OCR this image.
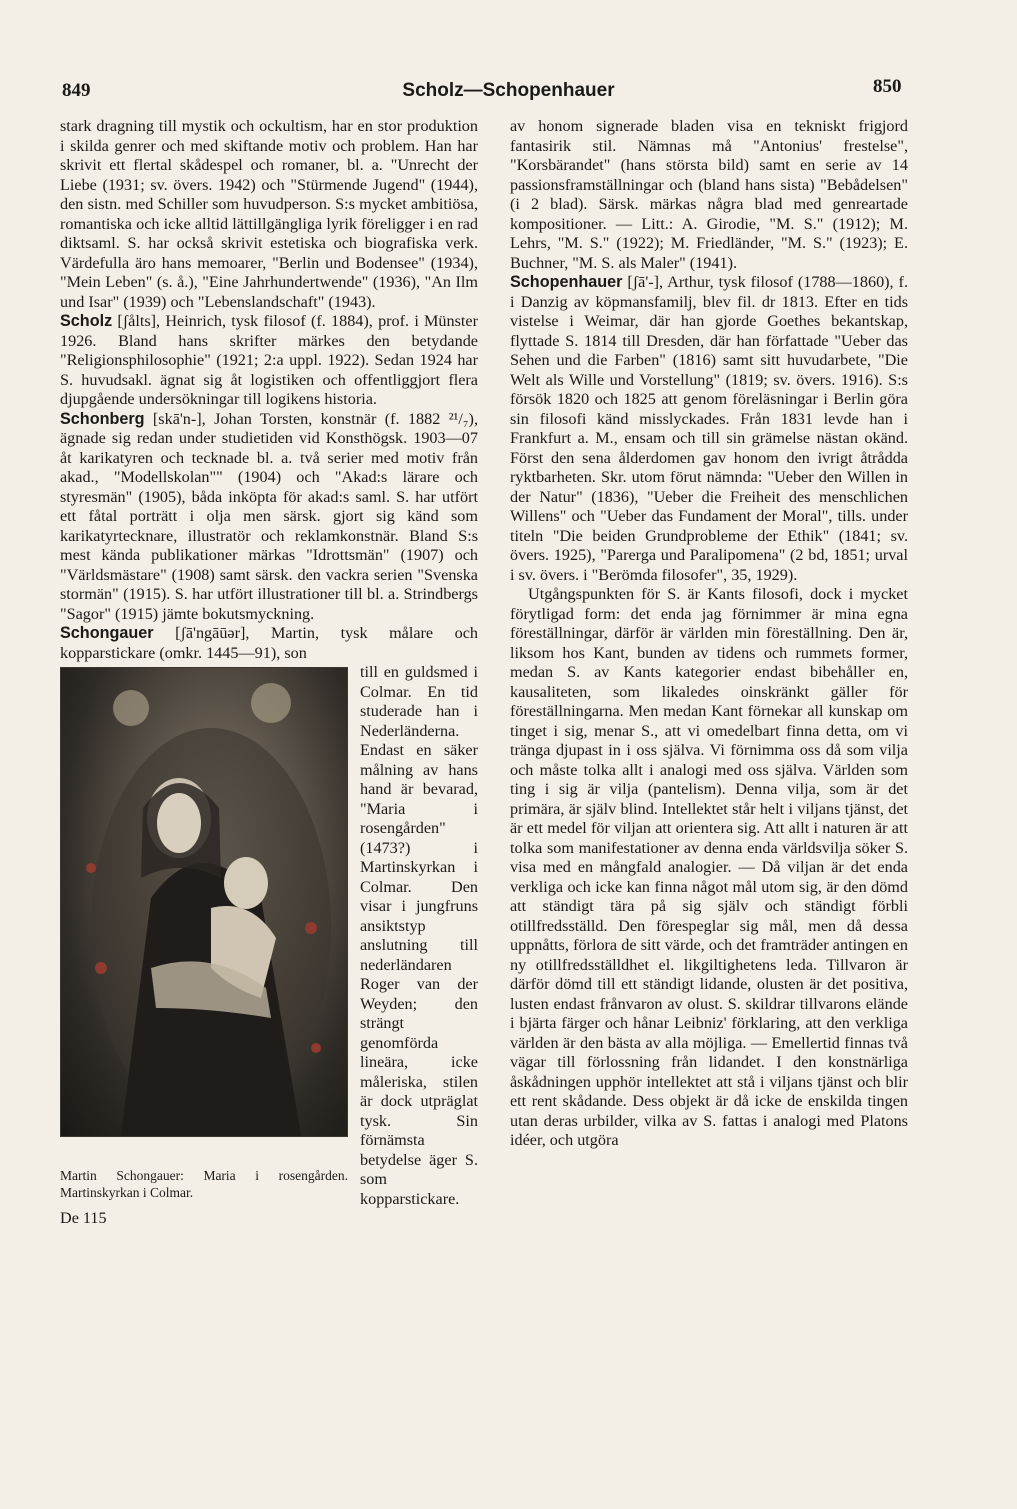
849	Scholz—Schopenhauer	850

stark dragning till mystik och ockultism, har en stor produktion i skilda genrer och med skiftande motiv och problem. Han har skrivit ett flertal skådespel och romaner, bl. a. "Unrecht der Liebe (1931; sv. övers. 1942) och "Stürmende Jugend" (1944), den sistn. med Schiller som huvudperson. S:s mycket ambitiösa, romantiska och icke alltid lättillgängliga lyrik föreligger i en rad diktsaml. S. har också skrivit estetiska och biografiska verk. Värdefulla äro hans memoarer, "Berlin und Bodensee" (1934), "Mein Leben" (s. å.), "Eine Jahrhundertwende" (1936), "An Ilm und Isar" (1939) och "Lebenslandschaft" (1943).

Scholz [ʃålts], Heinrich, tysk filosof (f. 1884), prof. i Münster 1926. Bland hans skrifter märkes den betydande "Religionsphilosophie" (1921; 2:a uppl. 1922). Sedan 1924 har S. huvudsakl. ägnat sig åt logistiken och offentliggjort flera djupgående undersökningar till logikens historia.

Schonberg [skā'n-], Johan Torsten, konstnär (f. 1882 ²¹/₇), ägnade sig redan under studietiden vid Konsthögsk. 1903—07 åt karikatyren och tecknade bl. a. två serier med motiv från akad., "Modellskolan"" (1904) och "Akad:s lärare och styresmän" (1905), båda inköpta för akad:s saml. S. har utfört ett fåtal porträtt i olja men särsk. gjort sig känd som karikatyrtecknare, illustratör och reklamkonstnär. Bland S:s mest kända publikationer märkas "Idrottsmän" (1907) och "Världsmästare" (1908) samt särsk. den vackra serien "Svenska stormän" (1915). S. har utfört illustrationer till bl. a. Strindbergs "Sagor" (1915) jämte bokutsmyckning.

Schongauer [ʃā'ngāūər], Martin, tysk målare och kopparstickare (omkr. 1445—91), son

Martin Schongauer: Maria i rosengården. Martinskyrkan i Colmar.

till en guldsmed i Colmar. En tid studerade han i Nederländerna. Endast en säker målning av hans hand är bevarad, "Maria i rosengården" (1473?) i Martinskyrkan i Colmar. Den visar i jungfruns ansiktstyp anslutning till nederländaren Roger van der Weyden; den strängt genomförda lineära, icke måleriska, stilen är dock utpräglat tysk. Sin förnämsta betydelse äger S. som kopparstickare. De 115

av honom signerade bladen visa en tekniskt frigjord fantasirik stil. Nämnas må "Antonius' frestelse", "Korsbärandet" (hans största bild) samt en serie av 14 passionsframställningar och (bland hans sista) "Bebådelsen" (i 2 blad). Särsk. märkas några blad med genreartade kompositioner. — Litt.: A. Girodie, "M. S." (1912); M. Lehrs, "M. S." (1922); M. Friedländer, "M. S." (1923); E. Buchner, "M. S. als Maler" (1941).

Schopenhauer [ʃā'-], Arthur, tysk filosof (1788—1860), f. i Danzig av köpmansfamilj, blev fil. dr 1813. Efter en tids vistelse i Weimar, där han gjorde Goethes bekantskap, flyttade S. 1814 till Dresden, där han författade "Ueber das Sehen und die Farben" (1816) samt sitt huvudarbete, "Die Welt als Wille und Vorstellung" (1819; sv. övers. 1916). S:s försök 1820 och 1825 att genom föreläsningar i Berlin göra sin filosofi känd misslyckades. Från 1831 levde han i Frankfurt a. M., ensam och till sin grämelse nästan okänd. Först den sena ålderdomen gav honom den ivrigt åtrådda ryktbarheten. Skr. utom förut nämnda: "Ueber den Willen in der Natur" (1836), "Ueber die Freiheit des menschlichen Willens" och "Ueber das Fundament der Moral", tills. under titeln "Die beiden Grundprobleme der Ethik" (1841; sv. övers. 1925), "Parerga und Paralipomena" (2 bd, 1851; urval i sv. övers. i "Berömda filosofer", 35, 1929).

Utgångspunkten för S. är Kants filosofi, dock i mycket förytligad form: det enda jag förnimmer är mina egna föreställningar, därför är världen min föreställning. Den är, liksom hos Kant, bunden av tidens och rummets former, medan S. av Kants kategorier endast bibehåller en, kausaliteten, som likaledes oinskränkt gäller för föreställningarna. Men medan Kant förnekar all kunskap om tinget i sig, menar S., att vi omedelbart finna detta, om vi tränga djupast in i oss själva. Vi förnimma oss då som vilja och måste tolka allt i analogi med oss själva. Världen som ting i sig är vilja (pantelism). Denna vilja, som är det primära, är själv blind. Intellektet står helt i viljans tjänst, det är ett medel för viljan att orientera sig. Att allt i naturen är att tolka som manifestationer av denna enda världsvilja söker S. visa med en mångfald analogier. — Då viljan är det enda verkliga och icke kan finna något mål utom sig, är den dömd att ständigt tära på sig själv och ständigt förbli otillfredsställd. Den förespeglar sig mål, men då dessa uppnåtts, förlora de sitt värde, och det framträder antingen en ny otillfredsställdhet el. likgiltighetens leda. Tillvaron är därför dömd till ett ständigt lidande, olusten är det positiva, lusten endast frånvaron av olust. S. skildrar tillvarons elände i bjärta färger och hånar Leibniz' förklaring, att den verkliga världen är den bästa av alla möjliga. — Emellertid finnas två vägar till förlossning från lidandet. I den konstnärliga åskådningen upphör intellektet att stå i viljans tjänst och blir ett rent skådande. Dess objekt är då icke de enskilda tingen utan deras urbilder, vilka av S. fattas i analogi med Platons idéer, och utgöra
